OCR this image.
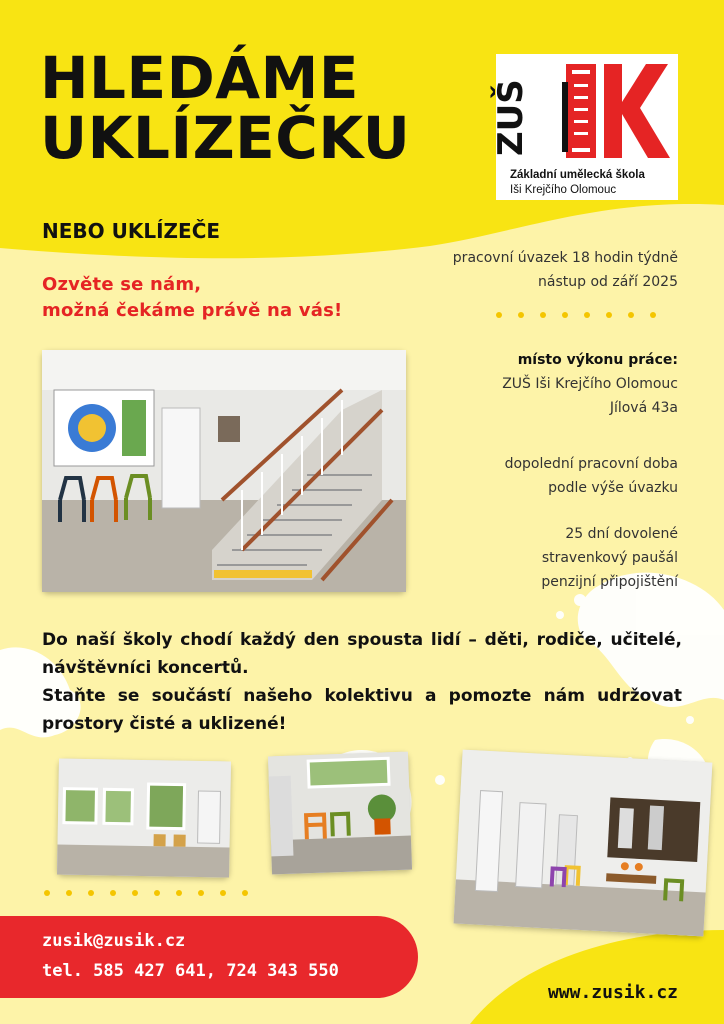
HLEDÁME
UKLÍZEČKU
NEBO UKLÍZEČE
ZUŠ
Základní umělecká škola
Iši Krejčího Olomouc
Ozvěte se nám,
možná čekáme právě na vás!
pracovní úvazek 18 hodin týdně
nástup od září 2025
místo výkonu práce:
ZUŠ Iši Krejčího Olomouc
Jílová 43a
dopolední pracovní doba
podle výše úvazku
25 dní dovolené
stravenkový paušál
penzijní připojištění
Do naší školy chodí každý den spousta lidí – děti, rodiče, učitelé, návštěvníci koncertů.
Staňte se součástí našeho kolektivu a pomozte nám udržovat prostory čisté a uklizené!
zusik@zusik.cz
tel. 585 427 641, 724 343 550
www.zusik.cz
